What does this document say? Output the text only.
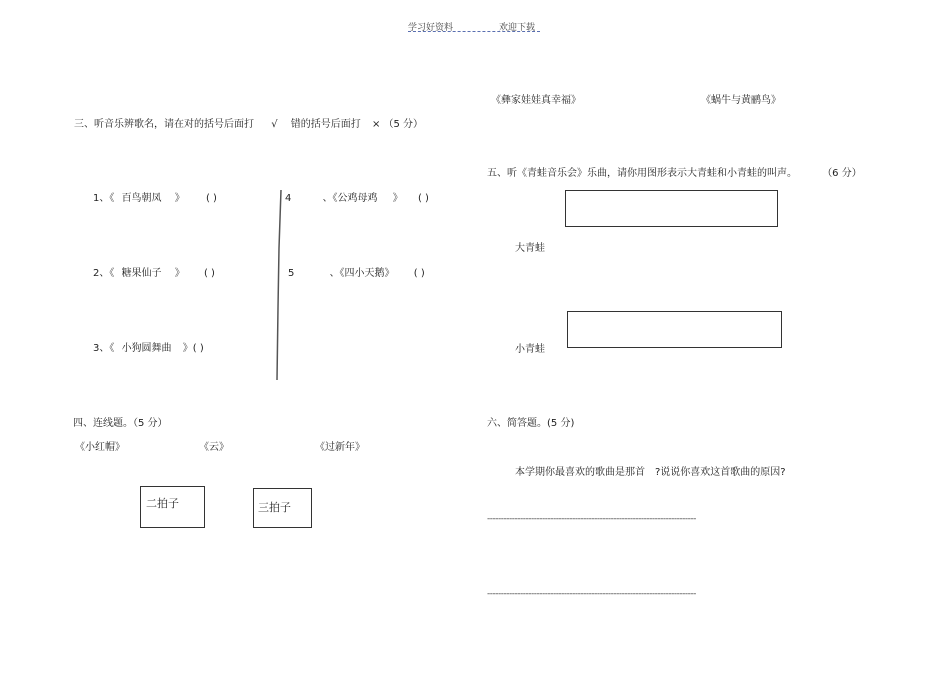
学习好资料	欢迎下载
《彝家娃娃真幸福》	《蜗牛与黄鹂鸟》
三、听音乐辨歌名，请在对的括号后面打 √ 错的括号后面打 × （5 分）
1、《 百鸟朝凤 》 ( )
2、《 糖果仙子 》 ( )
3、《 小狗圆舞曲 》( )
4	、《公鸡母鸡 》 ( )
5	、《四小天鹅》 ( )
四、连线题。（5 分）
《小红帽》	《云》	《过新年》
二拍子	三拍子
五、听《青蛙音乐会》乐曲，请你用图形表示大青蛙和小青蛙的叫声。	（6 分）
大青蛙
小青蛙
六、简答题。(5 分)
本学期你最喜欢的歌曲是那首　?说说你喜欢这首歌曲的原因?
----------------------------------------------------------------------------
----------------------------------------------------------------------------
